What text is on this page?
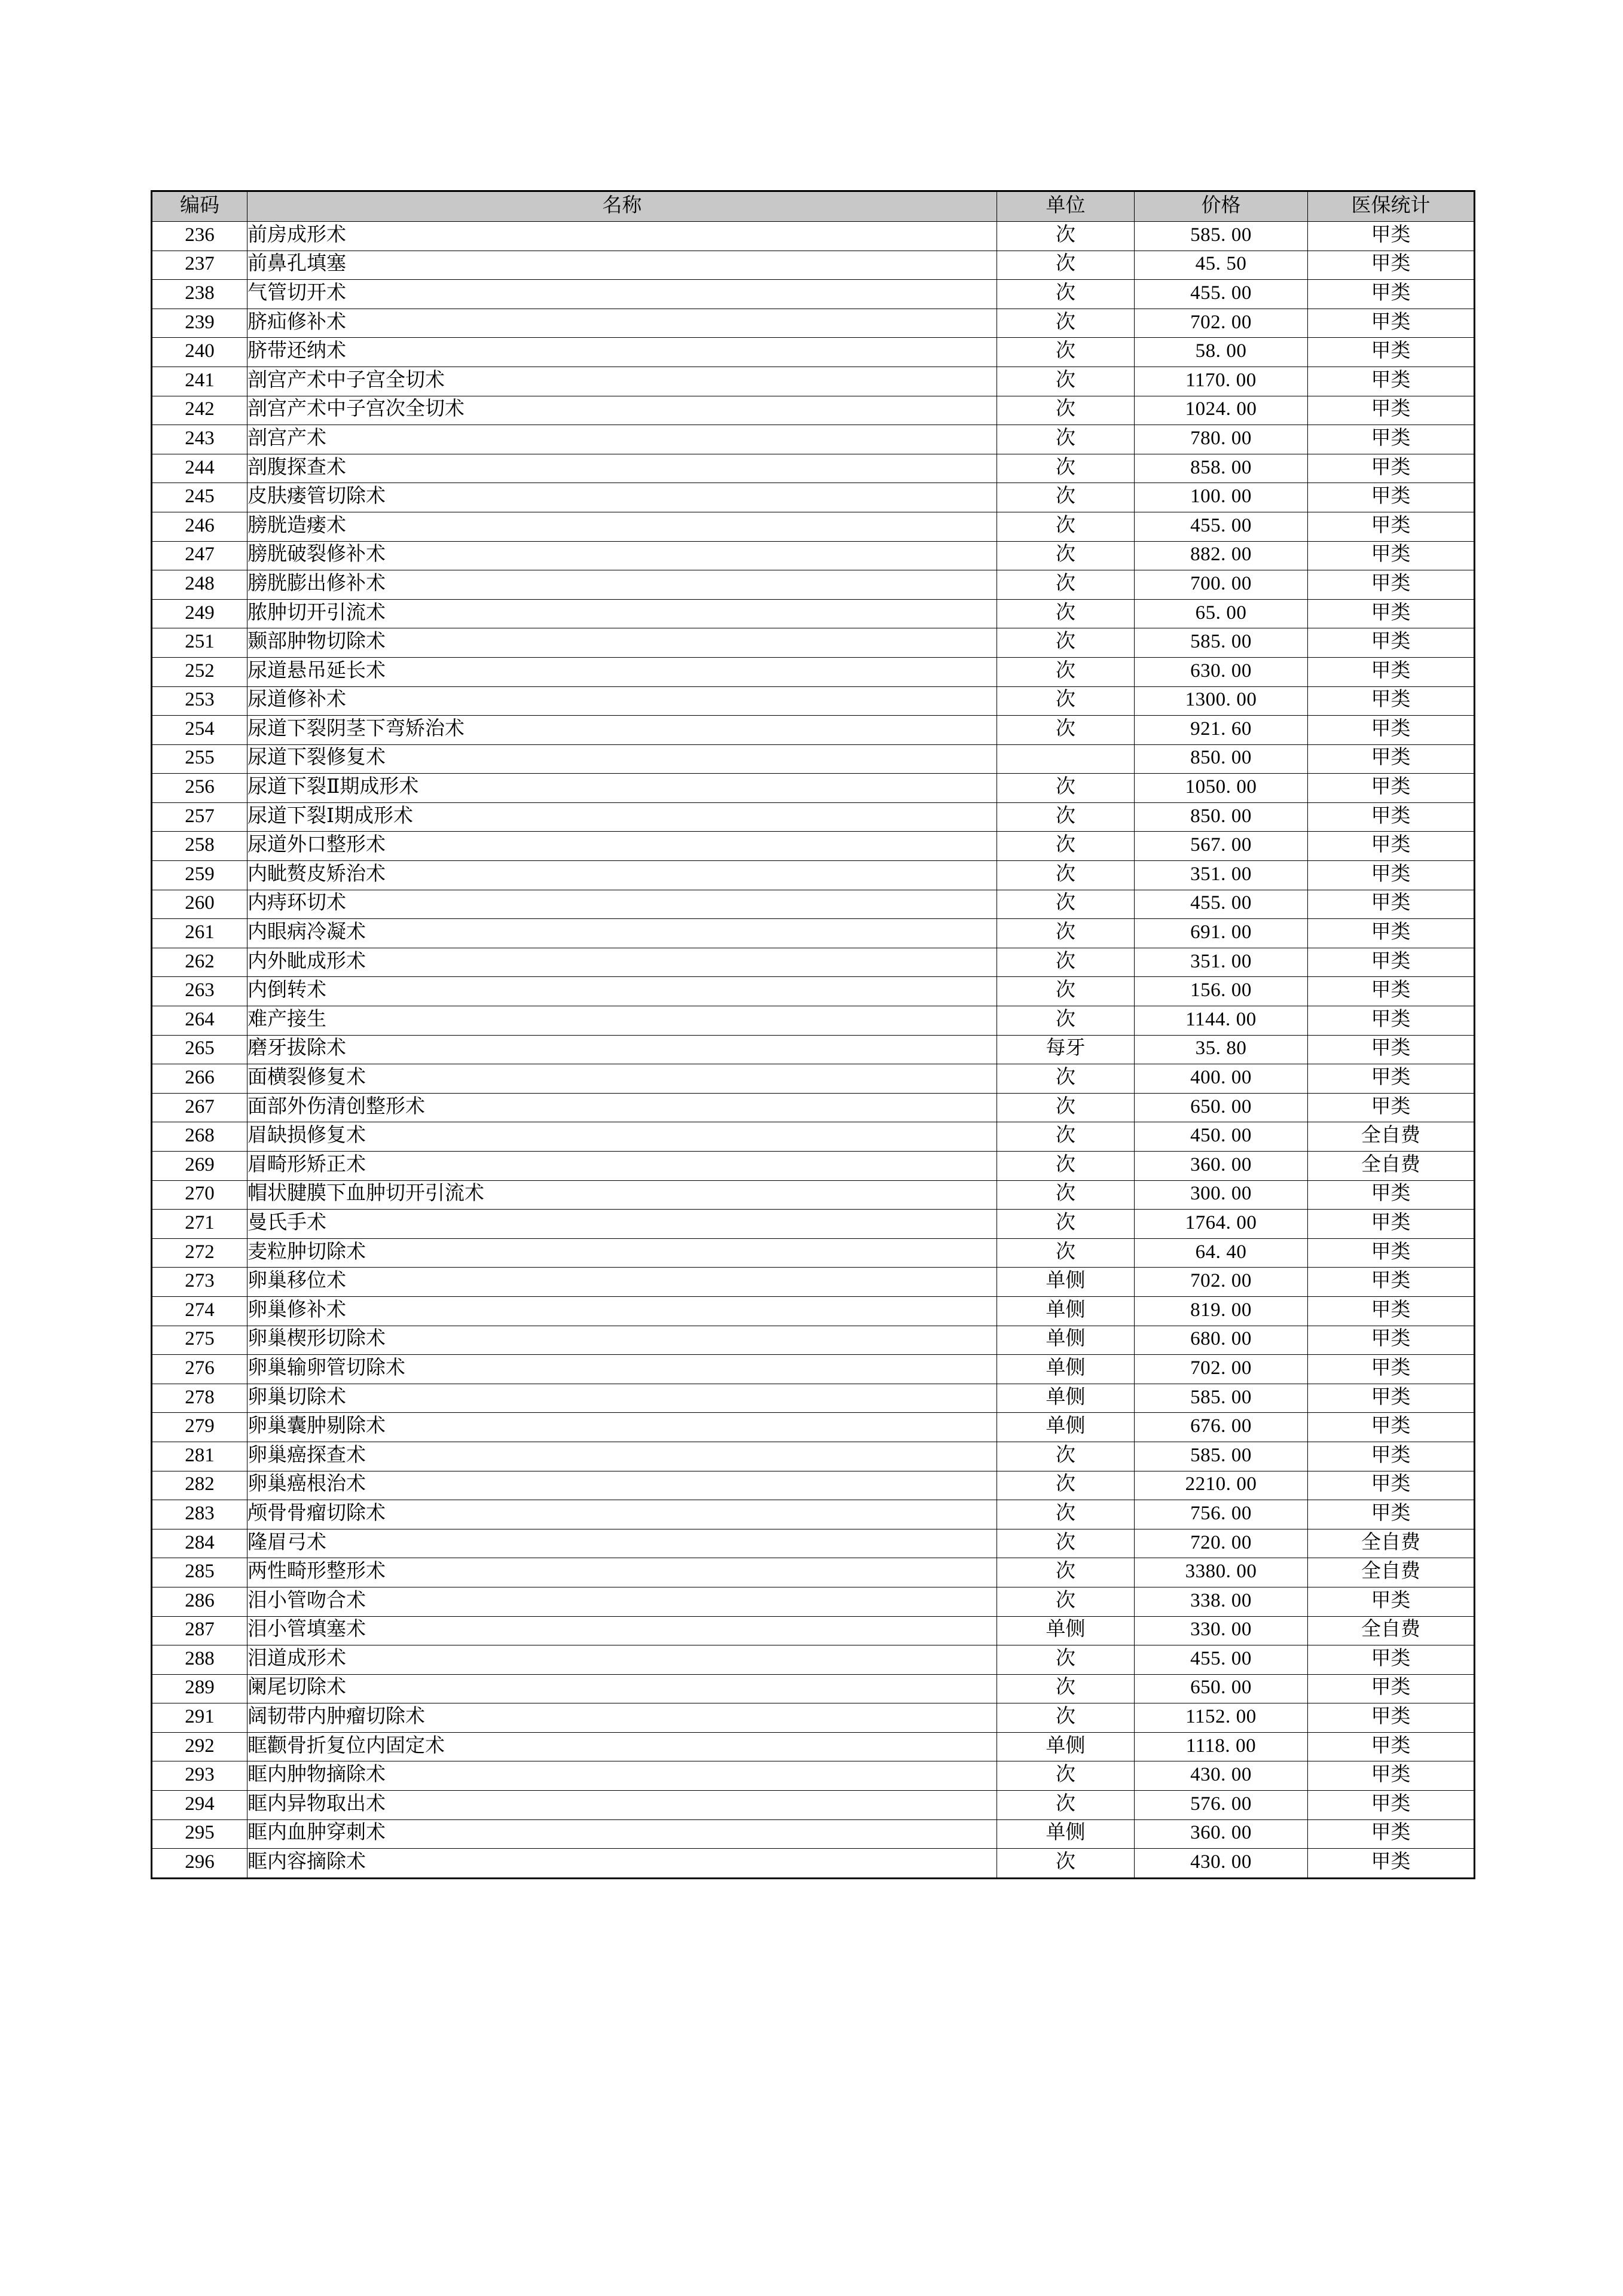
编码	名称	单位	价格	医保统计
236	前房成形术	次	585. 00	甲类
237	前鼻孔填塞	次	45. 50	甲类
238	气管切开术	次	455. 00	甲类
239	脐疝修补术	次	702. 00	甲类
240	脐带还纳术	次	58. 00	甲类
241	剖宫产术中子宫全切术	次	1170. 00	甲类
242	剖宫产术中子宫次全切术	次	1024. 00	甲类
243	剖宫产术	次	780. 00	甲类
244	剖腹探查术	次	858. 00	甲类
245	皮肤瘘管切除术	次	100. 00	甲类
246	膀胱造瘘术	次	455. 00	甲类
247	膀胱破裂修补术	次	882. 00	甲类
248	膀胱膨出修补术	次	700. 00	甲类
249	脓肿切开引流术	次	65. 00	甲类
251	颞部肿物切除术	次	585. 00	甲类
252	尿道悬吊延长术	次	630. 00	甲类
253	尿道修补术	次	1300. 00	甲类
254	尿道下裂阴茎下弯矫治术	次	921. 60	甲类
255	尿道下裂修复术		850. 00	甲类
256	尿道下裂Ⅱ期成形术	次	1050. 00	甲类
257	尿道下裂Ⅰ期成形术	次	850. 00	甲类
258	尿道外口整形术	次	567. 00	甲类
259	内眦赘皮矫治术	次	351. 00	甲类
260	内痔环切术	次	455. 00	甲类
261	内眼病冷凝术	次	691. 00	甲类
262	内外眦成形术	次	351. 00	甲类
263	内倒转术	次	156. 00	甲类
264	难产接生	次	1144. 00	甲类
265	磨牙拔除术	每牙	35. 80	甲类
266	面横裂修复术	次	400. 00	甲类
267	面部外伤清创整形术	次	650. 00	甲类
268	眉缺损修复术	次	450. 00	全自费
269	眉畸形矫正术	次	360. 00	全自费
270	帽状腱膜下血肿切开引流术	次	300. 00	甲类
271	曼氏手术	次	1764. 00	甲类
272	麦粒肿切除术	次	64. 40	甲类
273	卵巢移位术	单侧	702. 00	甲类
274	卵巢修补术	单侧	819. 00	甲类
275	卵巢楔形切除术	单侧	680. 00	甲类
276	卵巢输卵管切除术	单侧	702. 00	甲类
278	卵巢切除术	单侧	585. 00	甲类
279	卵巢囊肿剔除术	单侧	676. 00	甲类
281	卵巢癌探查术	次	585. 00	甲类
282	卵巢癌根治术	次	2210. 00	甲类
283	颅骨骨瘤切除术	次	756. 00	甲类
284	隆眉弓术	次	720. 00	全自费
285	两性畸形整形术	次	3380. 00	全自费
286	泪小管吻合术	次	338. 00	甲类
287	泪小管填塞术	单侧	330. 00	全自费
288	泪道成形术	次	455. 00	甲类
289	阑尾切除术	次	650. 00	甲类
291	阔韧带内肿瘤切除术	次	1152. 00	甲类
292	眶颧骨折复位内固定术	单侧	1118. 00	甲类
293	眶内肿物摘除术	次	430. 00	甲类
294	眶内异物取出术	次	576. 00	甲类
295	眶内血肿穿刺术	单侧	360. 00	甲类
296	眶内容摘除术	次	430. 00	甲类
